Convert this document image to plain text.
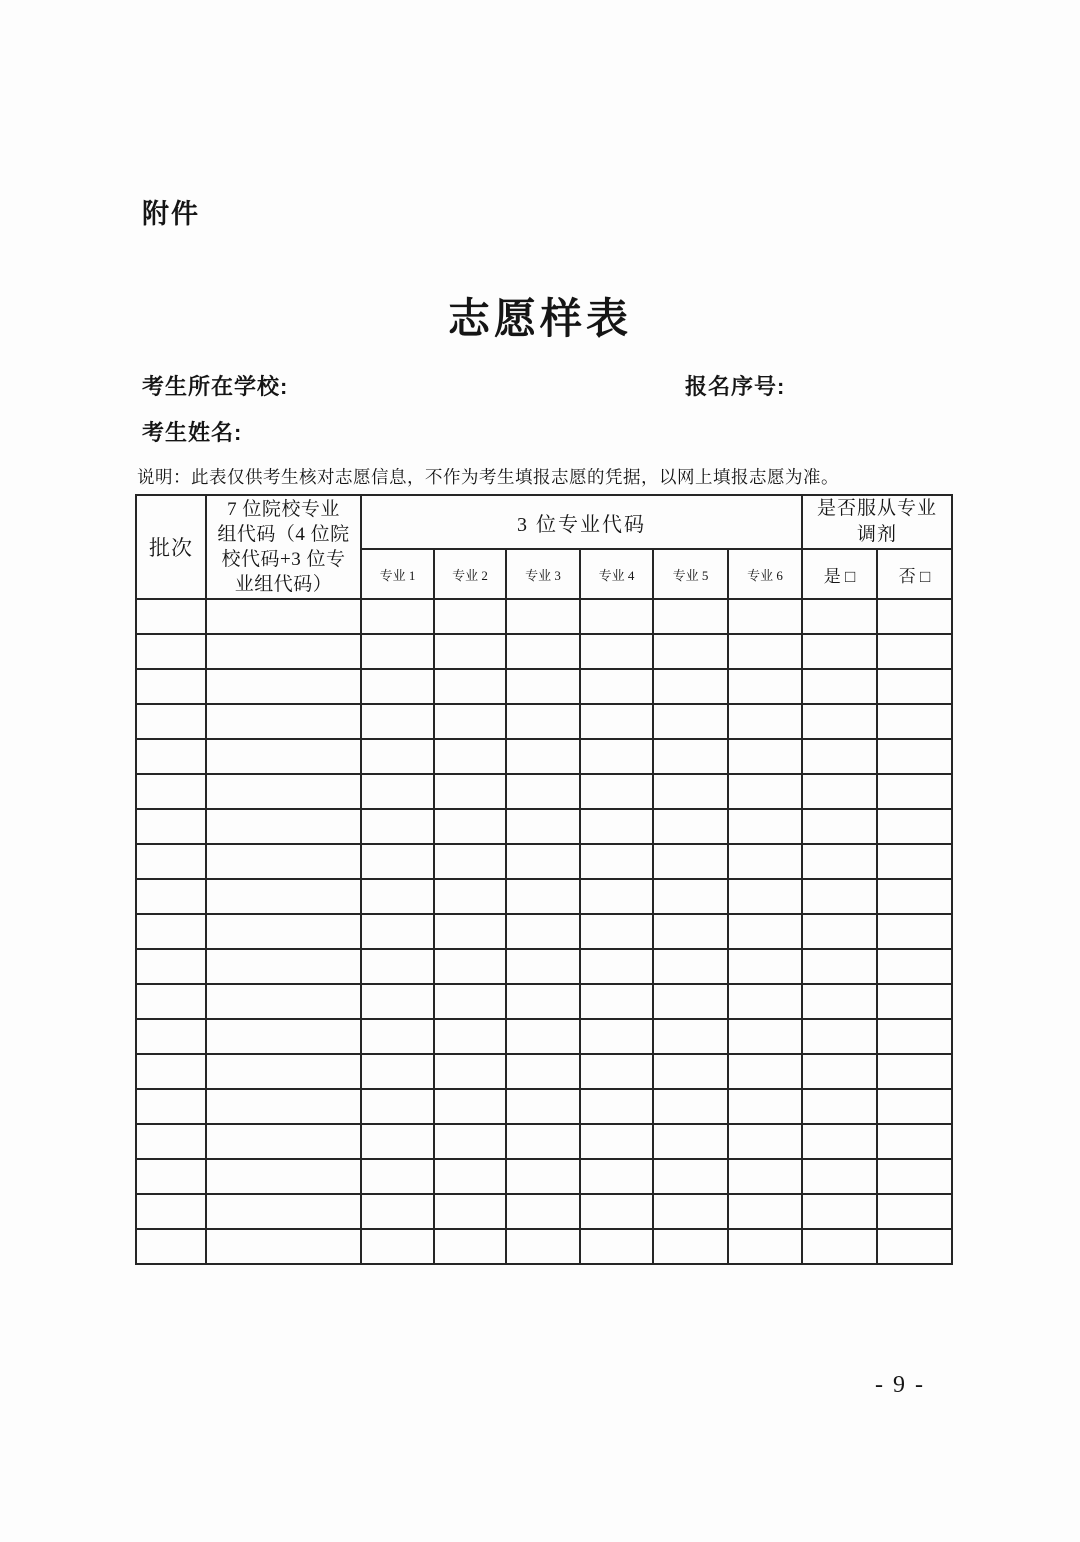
附件
志愿样表
考生所在学校:	报名序号:
考生姓名:
说明：此表仅供考生核对志愿信息，不作为考生填报志愿的凭据，以网上填报志愿为准。
批次	7 位院校专业
组代码（4 位院
校代码+3 位专
业组代码）	3 位专业代码						是否服从专业
调剂	
		专业 1	专业 2	专业 3	专业 4	专业 5	专业 6	是 □	否 □

- 9 -
